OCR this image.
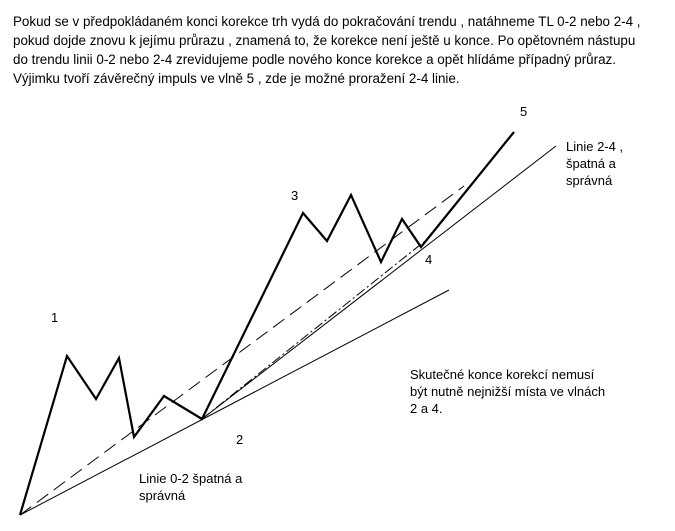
Pokud se v předpokládaném konci korekce trh vydá do pokračování trendu , natáhneme TL 0-2 nebo 2-4 , pokud dojde znovu k jejímu průrazu , znamená to, že korekce není ještě u konce. Po opětovném nástupu do trendu linii 0-2 nebo 2-4 zrevidujeme podle nového konce korekce a opět hlídáme případný průraz. Výjimku tvoří závěrečný impuls ve vlně 5 , zde je možné proražení 2-4 linie.

1

2

3

4

5

Linie 2-4 ,
špatná a
správná
Linie 0-2 špatná a
správná
Skutečné konce korekcí nemusí
být nutně nejnižší místa ve vlnách
2 a 4.
